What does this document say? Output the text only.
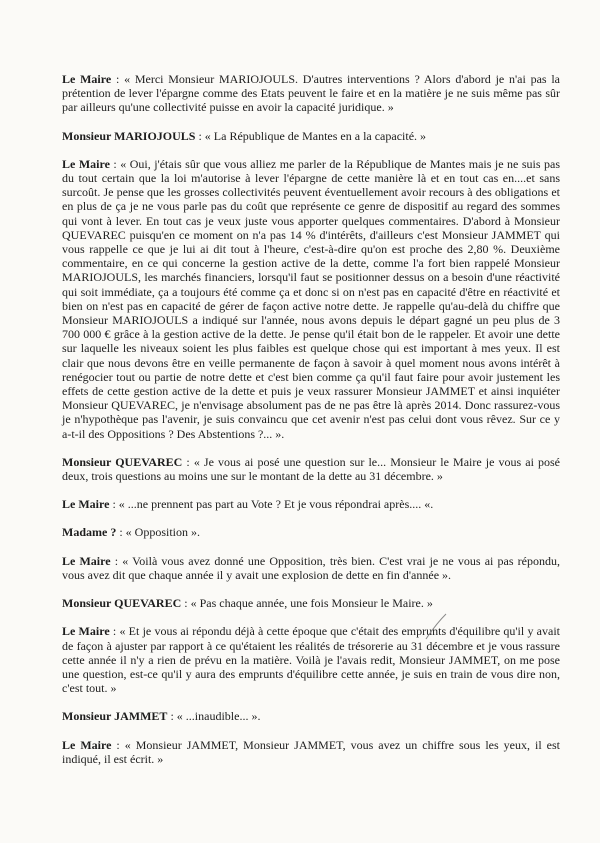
Le Maire : « Merci Monsieur MARIOJOULS. D'autres interventions ? Alors d'abord je n'ai pas la prétention de lever l'épargne comme des Etats peuvent le faire et en la matière je ne suis même pas sûr par ailleurs qu'une collectivité puisse en avoir la capacité juridique. »

Monsieur MARIOJOULS : « La République de Mantes en a la capacité. »

Le Maire : « Oui, j'étais sûr que vous alliez me parler de la République de Mantes mais je ne suis pas du tout certain que la loi m'autorise à lever l'épargne de cette manière là et en tout cas en....et sans surcoût. Je pense que les grosses collectivités peuvent éventuellement avoir recours à des obligations et en plus de ça je ne vous parle pas du coût que représente ce genre de dispositif au regard des sommes qui vont à lever. En tout cas je veux juste vous apporter quelques commentaires. D'abord à Monsieur QUEVAREC puisqu'en ce moment on n'a pas 14 % d'intérêts, d'ailleurs c'est Monsieur JAMMET qui vous rappelle ce que je lui ai dit tout à l'heure, c'est-à-dire qu'on est proche des 2,80 %. Deuxième commentaire, en ce qui concerne la gestion active de la dette, comme l'a fort bien rappelé Monsieur MARIOJOULS, les marchés financiers, lorsqu'il faut se positionner dessus on a besoin d'une réactivité qui soit immédiate, ça a toujours été comme ça et donc si on n'est pas en capacité d'être en réactivité et bien on n'est pas en capacité de gérer de façon active notre dette. Je rappelle qu'au-delà du chiffre que Monsieur MARIOJOULS a indiqué sur l'année, nous avons depuis le départ gagné un peu plus de 3 700 000 € grâce à la gestion active de la dette. Je pense qu'il était bon de le rappeler. Et avoir une dette sur laquelle les niveaux soient les plus faibles est quelque chose qui est important à mes yeux. Il est clair que nous devons être en veille permanente de façon à savoir à quel moment nous avons intérêt à renégocier tout ou partie de notre dette et c'est bien comme ça qu'il faut faire pour avoir justement les effets de cette gestion active de la dette et puis je veux rassurer Monsieur JAMMET et ainsi inquiéter Monsieur QUEVAREC, je n'envisage absolument pas de ne pas être là après 2014. Donc rassurez-vous je n'hypothèque pas l'avenir, je suis convaincu que cet avenir n'est pas celui dont vous rêvez. Sur ce y a-t-il des Oppositions ? Des Abstentions ?... ».

Monsieur QUEVAREC : « Je vous ai posé une question sur le... Monsieur le Maire je vous ai posé deux, trois questions au moins une sur le montant de la dette au 31 décembre. »

Le Maire : « ...ne prennent pas part au Vote ? Et je vous répondrai après.... «.

Madame ? : « Opposition ».

Le Maire : « Voilà vous avez donné une Opposition, très bien. C'est vrai je ne vous ai pas répondu, vous avez dit que chaque année il y avait une explosion de dette en fin d'année ».

Monsieur QUEVAREC : « Pas chaque année, une fois Monsieur le Maire. »

Le Maire : « Et je vous ai répondu déjà à cette époque que c'était des emprunts d'équilibre qu'il y avait de façon à ajuster par rapport à ce qu'étaient les réalités de trésorerie au 31 décembre et je vous rassure cette année il n'y a rien de prévu en la matière. Voilà je l'avais redit, Monsieur JAMMET, on me pose une question, est-ce qu'il y aura des emprunts d'équilibre cette année, je suis en train de vous dire non, c'est tout. »

Monsieur JAMMET : « ...inaudible... ».

Le Maire : « Monsieur JAMMET, Monsieur JAMMET, vous avez un chiffre sous les yeux, il est indiqué, il est écrit. »
